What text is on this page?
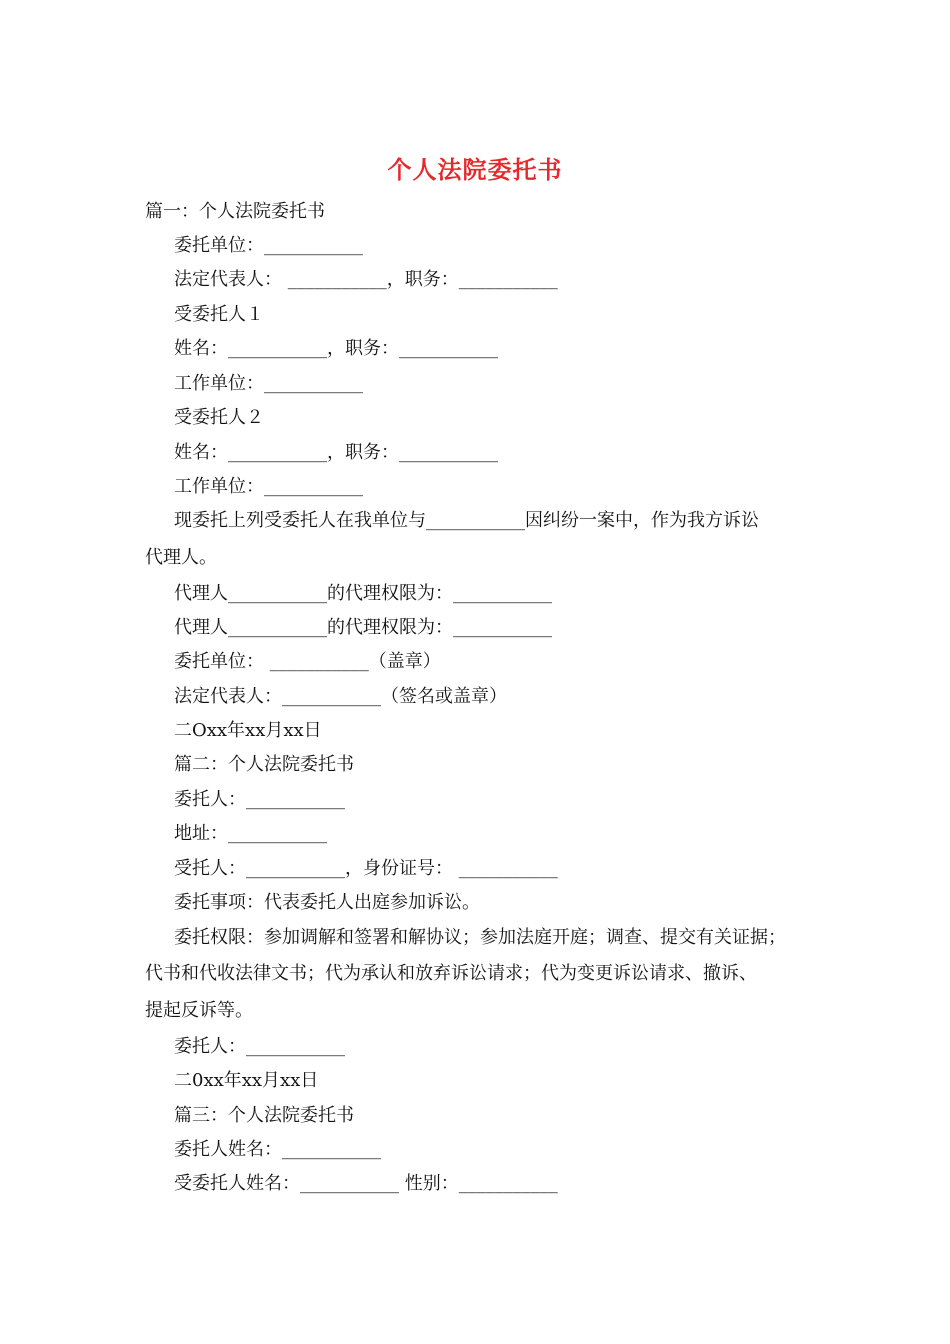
个人法院委托书
篇一：个人法院委托书
委托单位：___________
法定代表人： ___________，职务：___________
受委托人１
姓名：___________，职务：___________
工作单位：___________
受委托人２
姓名：___________，职务：___________
工作单位：___________
现委托上列受委托人在我单位与___________因纠纷一案中，作为我方诉讼
代理人。
代理人___________的代理权限为：___________
代理人___________的代理权限为：___________
委托单位： ___________（盖章）
法定代表人：___________（签名或盖章）
二Oxx年xx月xx日
篇二：个人法院委托书
委托人：___________
地址：___________
受托人：___________，身份证号： ___________
委托事项：代表委托人出庭参加诉讼。
委托权限：参加调解和签署和解协议；参加法庭开庭；调查、提交有关证据；
代书和代收法律文书；代为承认和放弃诉讼请求；代为变更诉讼请求、撤诉、
提起反诉等。
委托人：___________
二0xx年xx月xx日
篇三：个人法院委托书
委托人姓名：___________
受委托人姓名：___________ 性别：___________
